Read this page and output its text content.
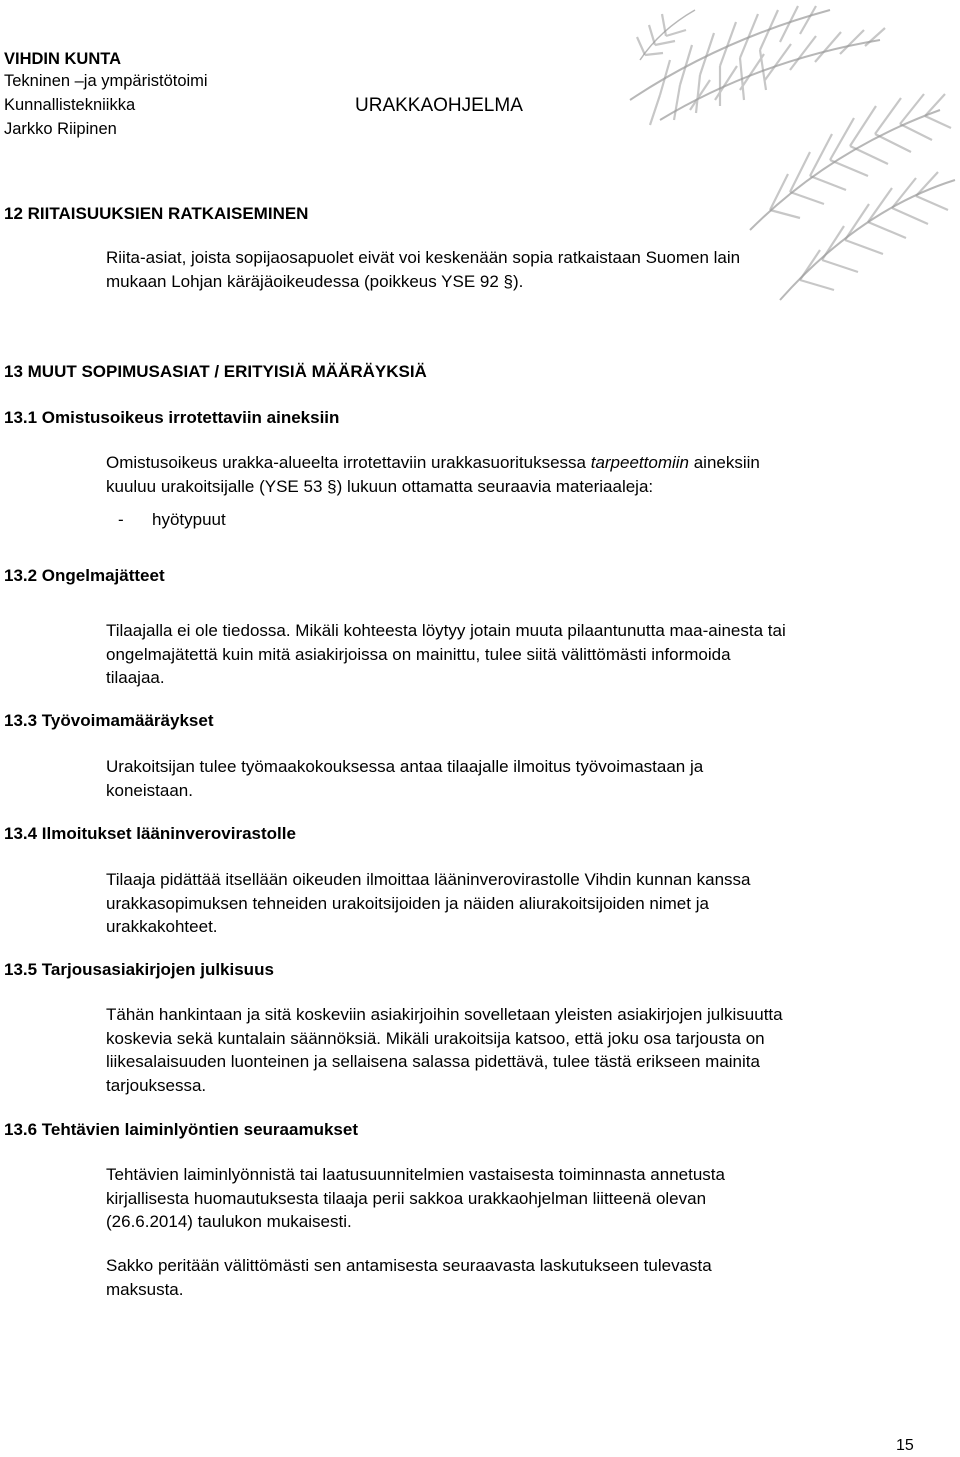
VIHDIN KUNTA
Tekninen –ja ympäristötoimi
Kunnallistekniikka	URAKKAOHJELMA
Jarkko Riipinen
12 RIITAISUUKSIEN RATKAISEMINEN
Riita-asiat, joista sopijaosapuolet eivät voi keskenään sopia ratkaistaan Suomen lain
mukaan Lohjan käräjäoikeudessa (poikkeus YSE 92 §).
13 MUUT SOPIMUSASIAT / ERITYISIÄ MÄÄRÄYKSIÄ
13.1 Omistusoikeus irrotettaviin aineksiin
Omistusoikeus urakka-alueelta irrotettaviin urakkasuorituksessa tarpeettomiin aineksiin
kuuluu urakoitsijalle (YSE 53 §) lukuun ottamatta seuraavia materiaaleja:
- hyötypuut
13.2 Ongelmajätteet
Tilaajalla ei ole tiedossa. Mikäli kohteesta löytyy jotain muuta pilaantunutta maa-ainesta tai
ongelmajätettä kuin mitä asiakirjoissa on mainittu, tulee siitä välittömästi informoida
tilaajaa.
13.3 Työvoimamääräykset
Urakoitsijan tulee työmaakokouksessa antaa tilaajalle ilmoitus työvoimastaan ja
koneistaan.
13.4 Ilmoitukset lääninverovirastolle
Tilaaja pidättää itsellään oikeuden ilmoittaa lääninverovirastolle Vihdin kunnan kanssa
urakkasopimuksen tehneiden urakoitsijoiden ja näiden aliurakoitsijoiden nimet ja
urakkakohteet.
13.5 Tarjousasiakirjojen julkisuus
Tähän hankintaan ja sitä koskeviin asiakirjoihin sovelletaan yleisten asiakirjojen julkisuutta
koskevia sekä kuntalain säännöksiä. Mikäli urakoitsija katsoo, että joku osa tarjousta on
liikesalaisuuden luonteinen ja sellaisena salassa pidettävä, tulee tästä erikseen mainita
tarjouksessa.
13.6 Tehtävien laiminlyöntien seuraamukset
Tehtävien laiminlyönnistä tai laatusuunnitelmien vastaisesta toiminnasta annetusta
kirjallisesta huomautuksesta tilaaja perii sakkoa urakkaohjelman liitteenä olevan
(26.6.2014) taulukon mukaisesti.
Sakko peritään välittömästi sen antamisesta seuraavasta laskutukseen tulevasta
maksusta.
15
